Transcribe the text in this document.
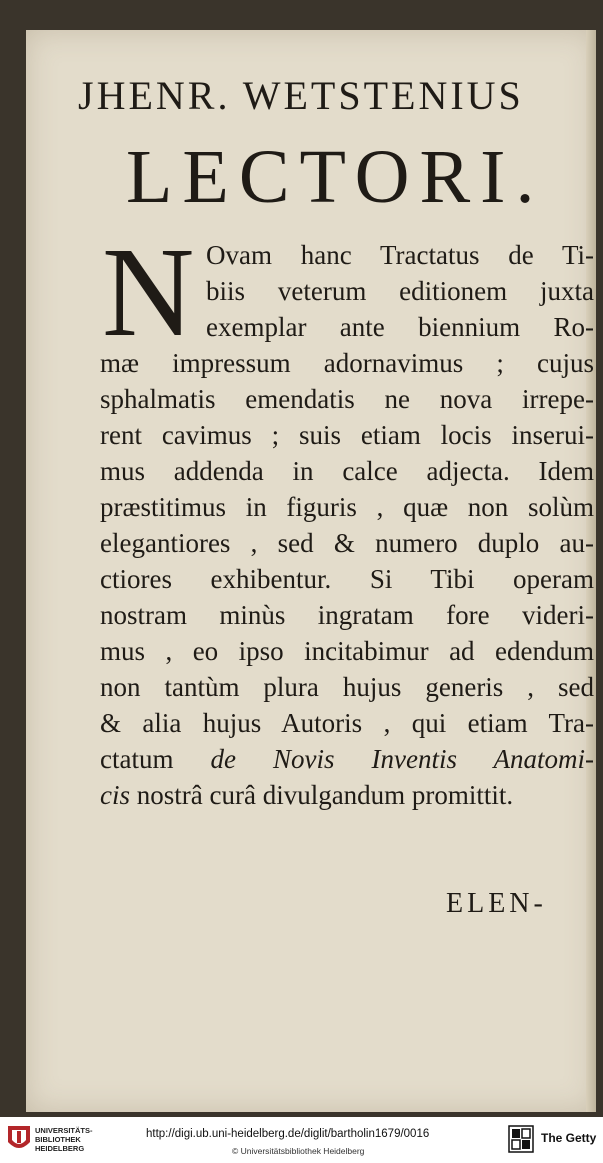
JHENR. WETSTENIUS
LECTORI.
N Ovam hanc Tractatus de Ti-
biis veterum editionem juxta
exemplar ante biennium Ro-
mæ impressum adornavimus ; cujus
sphalmatis emendatis ne nova irrepe-
rent cavimus ; suis etiam locis inserui-
mus addenda in calce adjecta. Idem
præstitimus in figuris , quæ non solùm
elegantiores , sed & numero duplo au-
ctiores exhibentur. Si Tibi operam
nostram minùs ingratam fore videri-
mus , eo ipso incitabimur ad edendum
non tantùm plura hujus generis , sed
& alia hujus Autoris , qui etiam Tra-
ctatum de Novis Inventis Anatomi-
cis nostrâ curâ divulgandum promittit.
ELEN-
UNIVERSITÄTS-
BIBLIOTHEK
HEIDELBERG
http://digi.ub.uni-heidelberg.de/diglit/bartholin1679/0016
© Universitätsbibliothek Heidelberg
The Getty
